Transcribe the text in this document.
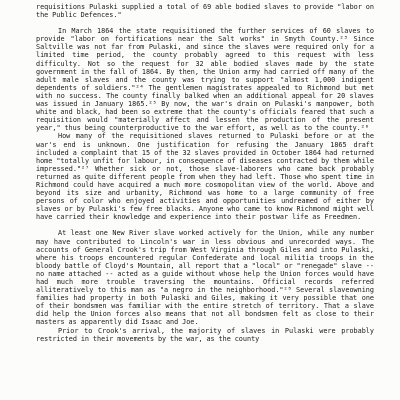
requisitions Pulaski supplied a total of 69 able bodied slaves to provide "labor on the Public Defences."

In March 1864 the state requisitioned the further services of 60 slaves to provide "labor on fortifications near the Salt works" in Smyth County.²³ Since Saltville was not far from Pulaski, and since the slaves were required only for a limited time period, the county probably agreed to this request with less difficulty. Not so the request for 32 able bodied slaves made by the state government in the fall of 1864. By then, the Union army had carried off many of the adult male slaves and the county was trying to support "almost 1,000 indigent dependents of soldiers."²⁴ The gentlemen magistrates appealed to Richmond but met with no success. The county finally balked when an additional appeal for 20 slaves was issued in January 1865.²⁵ By now, the war's drain on Pulaski's manpower, both white and black, had been so extreme that the county's officials feared that such a requisition would "materially affect and lessen the production of the present year," thus being counterproductive to the war effort, as well as to the county.²⁶

How many of the requisitioned slaves returned to Pulaski before or at the war's end is unknown. One justification for refusing the January 1865 draft included a complaint that 15 of the 32 slaves provided in October 1864 had returned home "totally unfit for labour, in consequence of diseases contracted by them while impressed."²⁷ Whether sick or not, those slave-laborers who came back probably returned as quite different people from when they had left. Those who spent time in Richmond could have acquired a much more cosmopolitan view of the world. Above and beyond its size and urbanity, Richmond was home to a large community of free persons of color who enjoyed activities and opportunities undreamed of either by slaves or by Pulaski's few free blacks. Anyone who came to know Richmond might well have carried their knowledge and experience into their postwar life as Freedmen.

At least one New River slave worked actively for the Union, while any number may have contributed to Lincoln's war in less obvious and unrecorded ways. The accounts of General Crook's trip from West Virginia through Giles and into Pulaski, where his troops encountered regular Confederate and local militia troops in the bloody battle of Cloyd's Mountain, all report that a "local" or "renegade" slave -- no name attached -- acted as a guide without whose help the Union forces would have had much more trouble traversing the mountains. Official records referred alliteratively to this man as "a negro in the neighborhood."²⁸ Several slaveowning families had property in both Pulaski and Giles, making it very possible that one of their bondsmen was familiar with the entire stretch of territory. That a slave did help the Union forces also means that not all bondsmen felt as close to their masters as apparently did Isaac and Joe.

Prior to Crook's arrival, the majority of slaves in Pulaski were probably restricted in their movements by the war, as the county
